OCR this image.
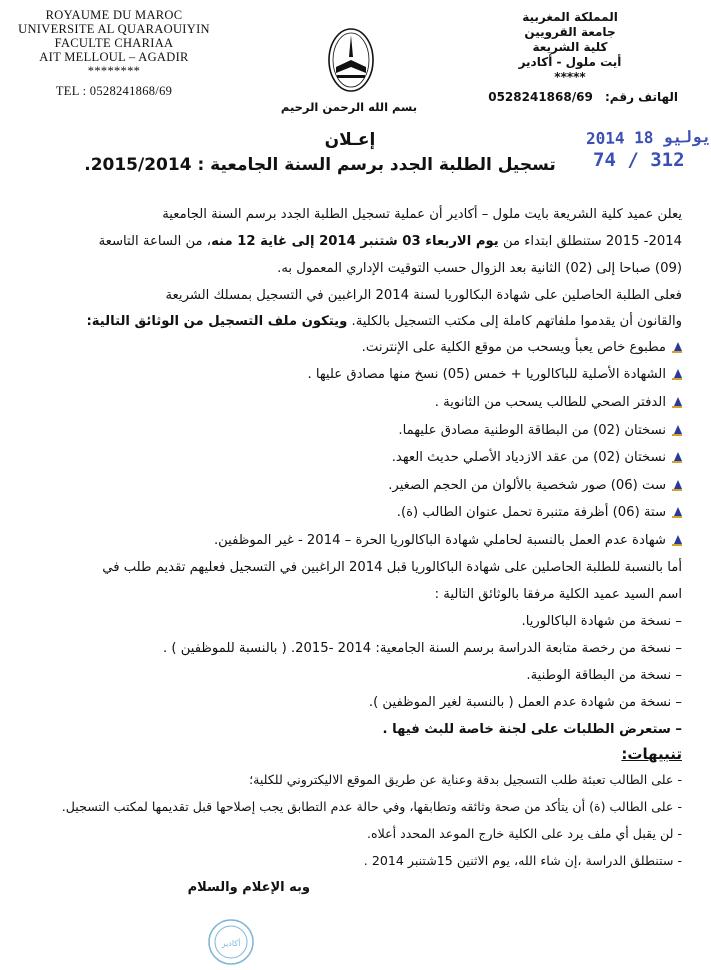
ROYAUME DU MAROC
UNIVERSITE AL QUARAOUIYIN
FACULTE CHARIAA
AIT MELLOUL – AGADIR
********
TEL : 0528241868/69
المملكة المغربية
جامعة القرويين
كلية الشريعة
أيت ملول - أكادير
*****
الهاتف رقم: 0528241868/69
بسم الله الرحمن الرحيم
2014 يوليو 18
74 / 312
إعـلان
تسجيل الطلبة الجدد برسم السنة الجامعية : 2015/2014.
يعلن عميد كلية الشريعة بايت ملول – أكادير أن عملية تسجيل الطلبة الجدد برسم السنة الجامعية
2014- 2015 ستنطلق ابتداء من يوم الاربعاء 03 شتنبر 2014 إلى غاية 12 منه، من الساعة التاسعة
(09) صباحا إلى (02) الثانية بعد الزوال حسب التوقيت الإداري المعمول به.
فعلى الطلبة الحاصلين على شهادة البكالوريا لسنة 2014 الراغبين في التسجيل بمسلك الشريعة
والقانون أن يقدموا ملفاتهم كاملة إلى مكتب التسجيل بالكلية. ويتكون ملف التسجيل من الوثائق التالية:
مطبوع خاص يعبأ ويسحب من موقع الكلية على الإنترنت.
الشهادة الأصلية للباكالوريا + خمس (05) نسخ منها مصادق عليها .
الدفتر الصحي للطالب يسحب من الثانوية .
نسختان (02) من البطاقة الوطنية مصادق عليهما.
نسختان (02) من عقد الازدياد الأصلي حديث العهد.
ست (06) صور شخصية بالألوان من الحجم الصغير.
ستة (06) أظرفة متنبرة تحمل عنوان الطالب (ة).
شهادة عدم العمل بالنسبة لحاملي شهادة الباكالوريا الحرة – 2014 - غير الموظفين.
أما بالنسبة للطلبة الحاصلين على شهادة الباكالوريا قبل 2014 الراغبين في التسجيل فعليهم تقديم طلب في
اسم السيد عميد الكلية مرفقا بالوثائق التالية :
– نسخة من شهادة الباكالوريا.
– نسخة من رخصة متابعة الدراسة برسم السنة الجامعية: 2014 -2015. ( بالنسبة للموظفين ) .
– نسخة من البطاقة الوطنية.
– نسخة من شهادة عدم العمل ( بالنسبة لغير الموظفين ).
– ستعرض الطلبات على لجنة خاصة للبث فيها .
تنبيهات:
- على الطالب تعبئة طلب التسجيل بدقة وعناية عن طريق الموقع الاليكتروني للكلية؛
- على الطالب (ة) أن يتأكد من صحة وثائقه وتطابقها، وفي حالة عدم التطابق يجب إصلاحها قبل تقديمها لمكتب التسجيل.
- لن يقبل أي ملف يرد على الكلية خارج الموعد المحدد أعلاه.
- ستنطلق الدراسة ،إن شاء الله، يوم الاثنين 15شتنبر 2014 .
وبه الإعلام والسلام
أكادير
